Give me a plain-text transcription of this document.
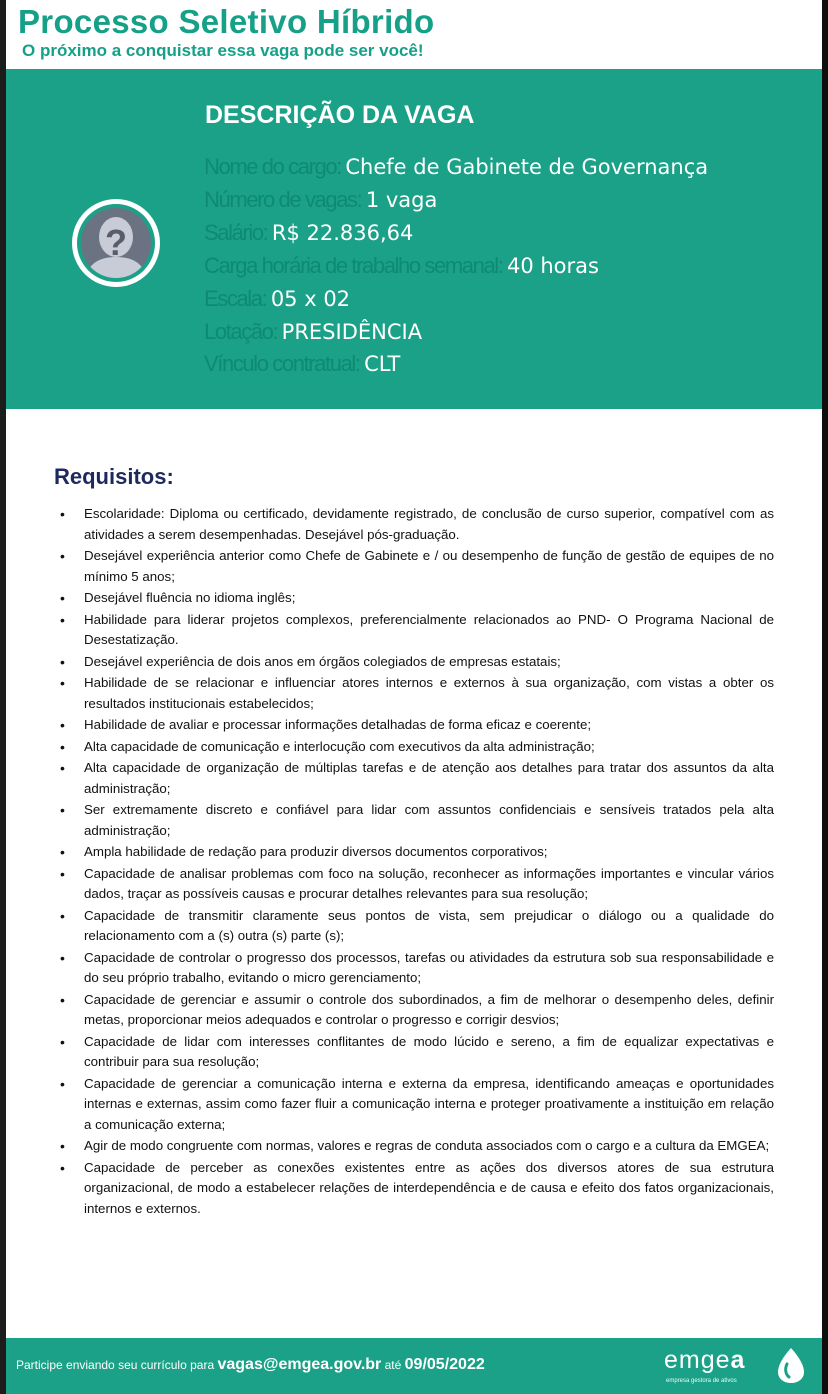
Processo Seletivo Híbrido
O próximo a conquistar essa vaga pode ser você!
DESCRIÇÃO DA VAGA
?
Nome do cargo: Chefe de Gabinete de Governança
Número de vagas: 1 vaga
Salário: R$ 22.836,64
Carga horária de trabalho semanal: 40 horas
Escala: 05 x 02
Lotação: PRESIDÊNCIA
Vínculo contratual: CLT
Requisitos:
• Escolaridade: Diploma ou certificado, devidamente registrado, de conclusão de curso superior, compatível com as atividades a serem desempenhadas. Desejável pós-graduação.
• Desejável experiência anterior como Chefe de Gabinete e / ou desempenho de função de gestão de equipes de no mínimo 5 anos;
• Desejável fluência no idioma inglês;
• Habilidade para liderar projetos complexos, preferencialmente relacionados ao PND- O Programa Nacional de Desestatização.
• Desejável experiência de dois anos em órgãos colegiados de empresas estatais;
• Habilidade de se relacionar e influenciar atores internos e externos à sua organização, com vistas a obter os resultados institucionais estabelecidos;
• Habilidade de avaliar e processar informações detalhadas de forma eficaz e coerente;
• Alta capacidade de comunicação e interlocução com executivos da alta administração;
• Alta capacidade de organização de múltiplas tarefas e de atenção aos detalhes para tratar dos assuntos da alta administração;
• Ser extremamente discreto e confiável para lidar com assuntos confidenciais e sensíveis tratados pela alta administração;
• Ampla habilidade de redação para produzir diversos documentos corporativos;
• Capacidade de analisar problemas com foco na solução, reconhecer as informações importantes e vincular vários dados, traçar as possíveis causas e procurar detalhes relevantes para sua resolução;
• Capacidade de transmitir claramente seus pontos de vista, sem prejudicar o diálogo ou a qualidade do relacionamento com a (s) outra (s) parte (s);
• Capacidade de controlar o progresso dos processos, tarefas ou atividades da estrutura sob sua responsabilidade e do seu próprio trabalho, evitando o micro gerenciamento;
• Capacidade de gerenciar e assumir o controle dos subordinados, a fim de melhorar o desempenho deles, definir metas, proporcionar meios adequados e controlar o progresso e corrigir desvios;
• Capacidade de lidar com interesses conflitantes de modo lúcido e sereno, a fim de equalizar expectativas e contribuir para sua resolução;
• Capacidade de gerenciar a comunicação interna e externa da empresa, identificando ameaças e oportunidades internas e externas, assim como fazer fluir a comunicação interna e proteger proativamente a instituição em relação a comunicação externa;
• Agir de modo congruente com normas, valores e regras de conduta associados com o cargo e a cultura da EMGEA;
• Capacidade de perceber as conexões existentes entre as ações dos diversos atores de sua estrutura organizacional, de modo a estabelecer relações de interdependência e de causa e efeito dos fatos organizacionais, internos e externos.
Participe enviando seu currículo para vagas@emgea.gov.br até 09/05/2022	emgea
empresa gestora de ativos
